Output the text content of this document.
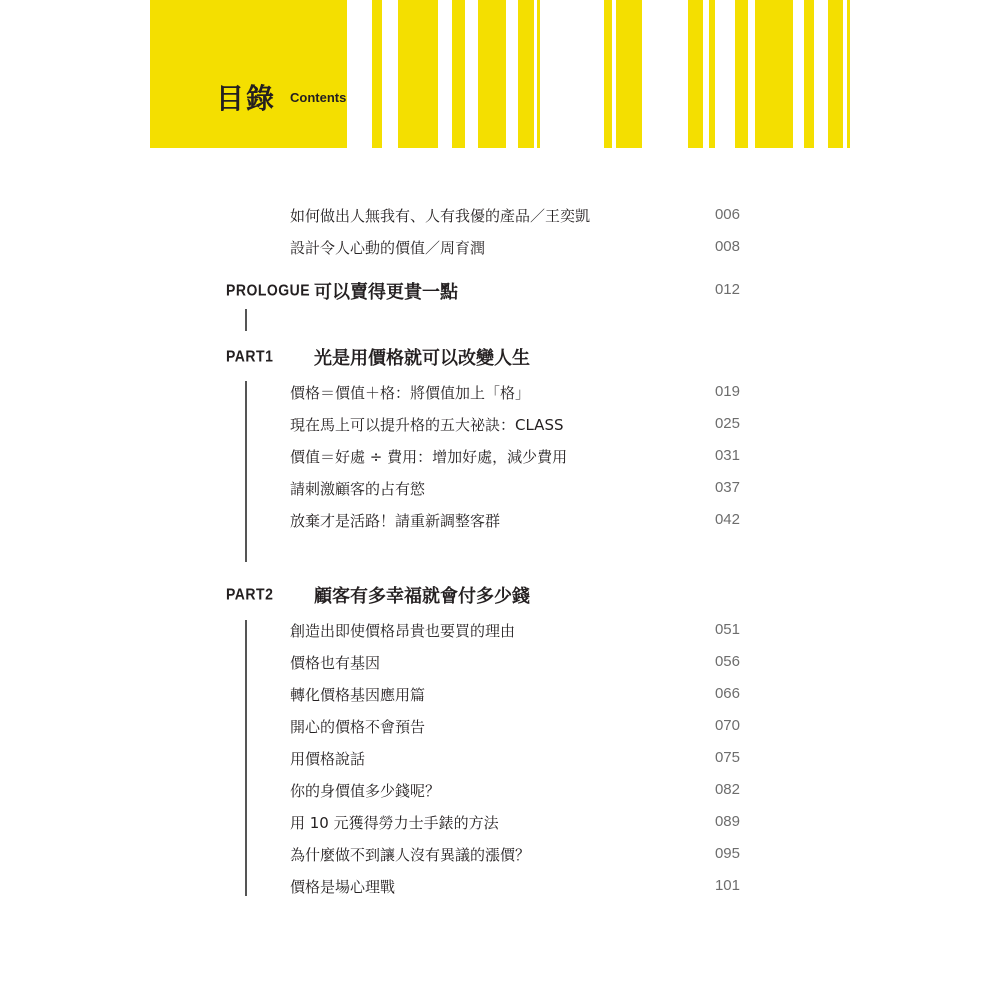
目錄 Contents
如何做出人無我有、人有我優的產品／王奕凱	006
設計令人心動的價值／周育潤	008
PROLOGUE 可以賣得更貴一點	012
PART1 光是用價格就可以改變人生
價格＝價值＋格：將價值加上「格」	019
現在馬上可以提升格的五大祕訣：CLASS	025
價值＝好處 ÷ 費用：增加好處，減少費用	031
請刺激顧客的占有慾	037
放棄才是活路！請重新調整客群	042
PART2 顧客有多幸福就會付多少錢
創造出即使價格昂貴也要買的理由	051
價格也有基因	056
轉化價格基因應用篇	066
開心的價格不會預告	070
用價格說話	075
你的身價值多少錢呢？	082
用 10 元獲得勞力士手錶的方法	089
為什麼做不到讓人沒有異議的漲價？	095
價格是場心理戰	101
